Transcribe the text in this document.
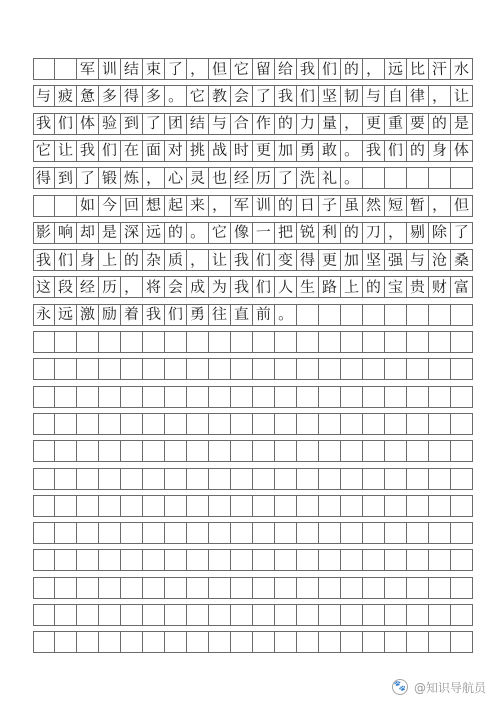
军 训 结 束 了 ， 但 它 留 给 我 们 的 ， 远 比 汗 水
与 疲 惫 多 得 多 。 它 教 会 了 我 们 坚 韧 与 自 律 ， 让
我 们 体 验 到 了 团 结 与 合 作 的 力 量 ， 更 重 要 的 是
它 让 我 们 在 面 对 挑 战 时 更 加 勇 敢 。 我 们 的 身 体
得 到 了 锻 炼 ， 心 灵 也 经 历 了 洗 礼 。

如 今 回 想 起 来 ， 军 训 的 日 子 虽 然 短 暂 ， 但
影 响 却 是 深 远 的 。 它 像 一 把 锐 利 的 刀 ， 剔 除 了
我 们 身 上 的 杂 质 ， 让 我 们 变 得 更 加 坚 强 与 沧 桑
这 段 经 历 ， 将 会 成 为 我 们 人 生 路 上 的 宝 贵 财 富
永 远 激 励 着 我 们 勇 往 直 前 。
🐾 @知识导航员
